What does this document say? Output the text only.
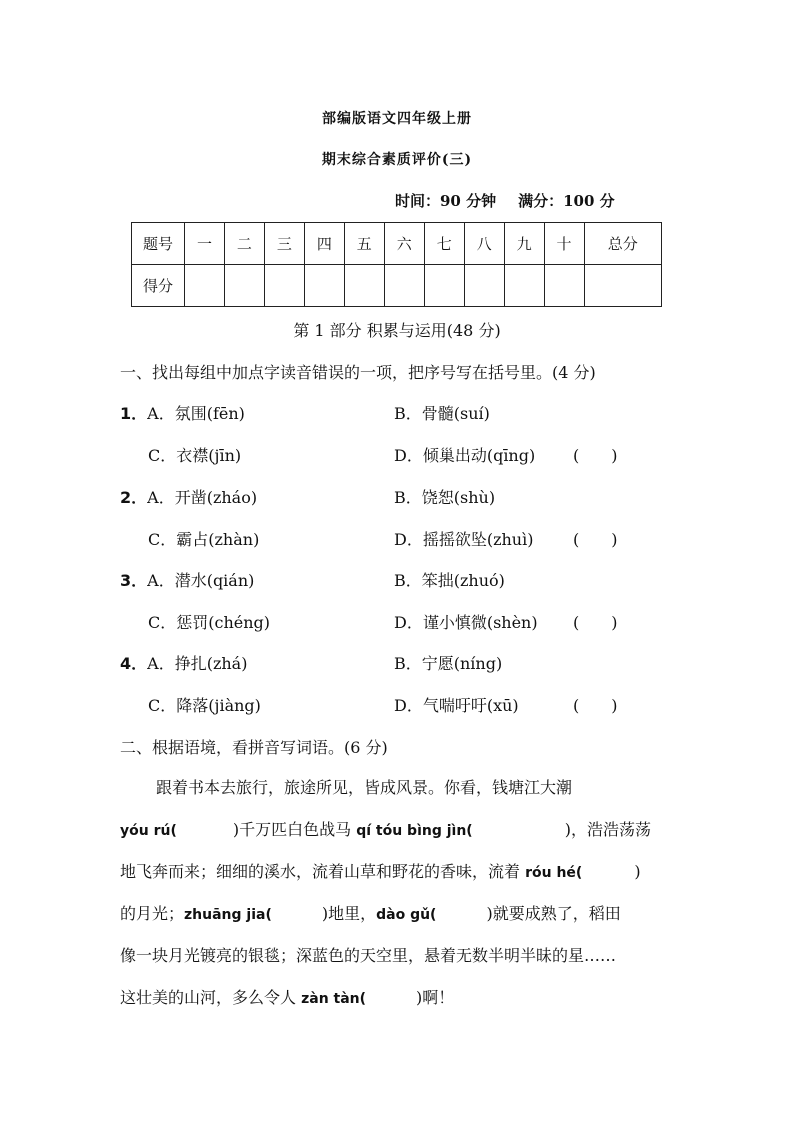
部编版语文四年级上册
期末综合素质评价(三)
时间：90 分钟 满分：100 分
题号	一	二	三	四	五	六	七	八	九	十	总分
得分											
第 1 部分 积累与运用(48 分)
一、找出每组中加点字读音错误的一项，把序号写在括号里。(4 分)
1．A．氛围(fēn)	B．骨髓(suí)
C．衣襟(jīn)	D．倾巢出动(qīng) (　　)
2．A．开凿(zháo)	B．饶恕(shù)
C．霸占(zhàn)	D．摇摇欲坠(zhuì) (　　)
3．A．潜水(qián)	B．笨拙(zhuó)
C．惩罚(chéng)	D．谨小慎微(shèn) (　　)
4．A．挣扎(zhá)	B．宁愿(níng)
C．降落(jiàng)	D．气喘吁吁(xū)	(　　)
二、根据语境，看拼音写词语。(6 分)
跟着书本去旅行，旅途所见，皆成风景。你看，钱塘江大潮
yóu rú(	)千万匹白色战马 qí tóu bìng jìn(	)，浩浩荡荡
地飞奔而来；细细的溪水，流着山草和野花的香味，流着 róu hé(	)
的月光；zhuāng jia(	)地里，dào gǔ(	)就要成熟了，稻田
像一块月光镀亮的银毯；深蓝色的天空里，悬着无数半明半昧的星……
这壮美的山河，多么令人 zàn tàn(	)啊！
